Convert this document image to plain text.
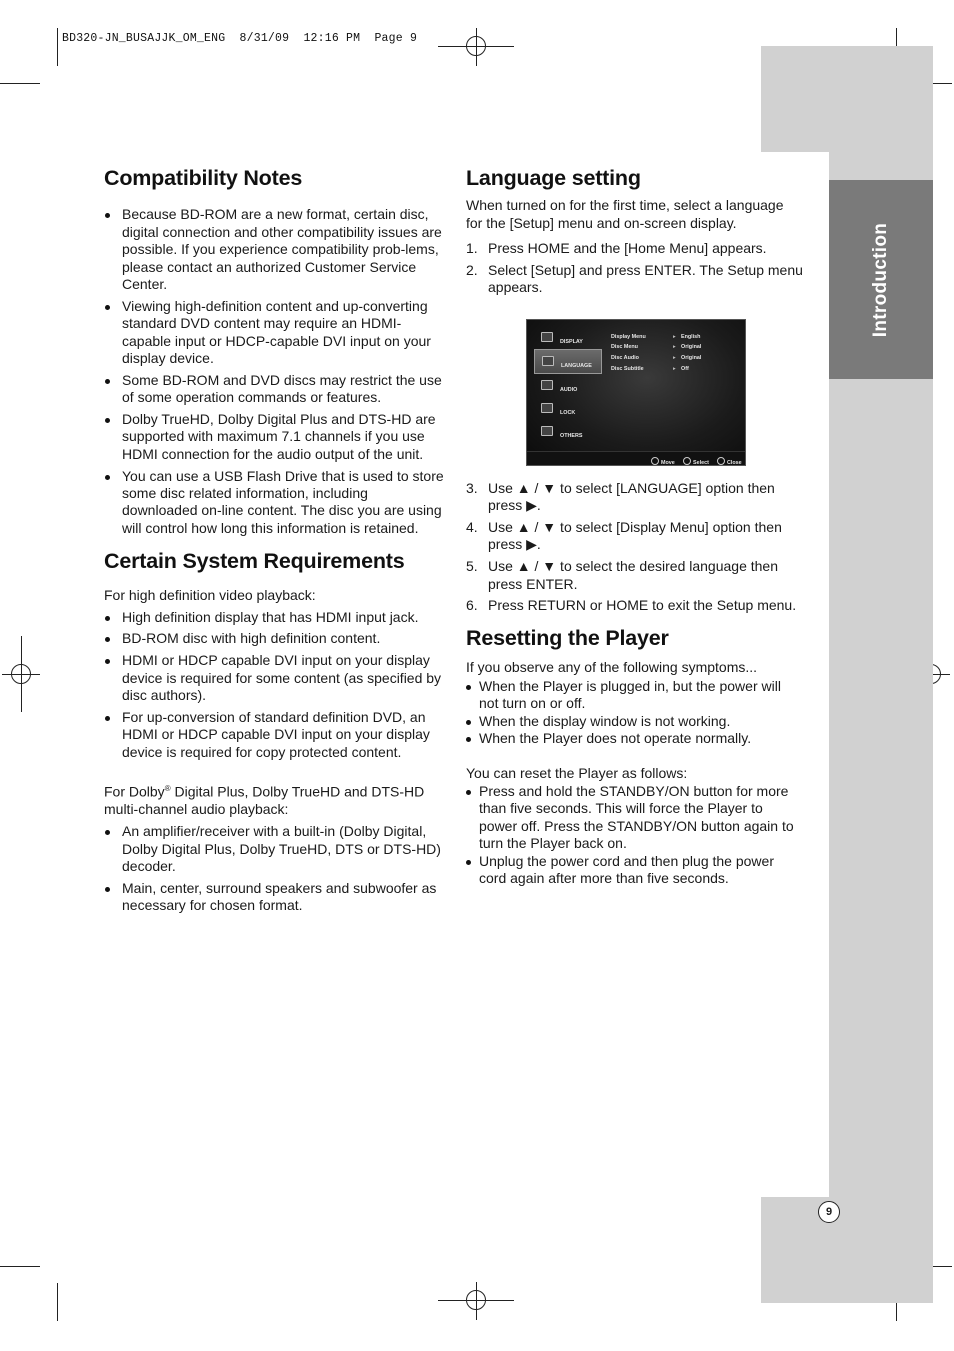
BD320-JN_BUSAJJK_OM_ENG  8/31/09  12:16 PM  Page 9
Introduction
9
Compatibility Notes
Because BD-ROM are a new format, certain disc, digital connection and other compatibility issues are possible. If you experience compatibility prob-lems, please contact an authorized Customer Service Center.
Viewing high-definition content and up-converting standard DVD content may require an HDMI-capable input or HDCP-capable DVI input on your display device.
Some BD-ROM and DVD discs may restrict the use of some operation commands or features.
Dolby TrueHD, Dolby Digital Plus and DTS-HD are supported with maximum 7.1 channels if you use HDMI connection for the audio output of the unit.
You can use a USB Flash Drive that is used to store some disc related information, including downloaded on-line content. The disc you are using will control how long this information is retained.
Certain System Requirements

For high definition video playback:

High definition display that has HDMI input jack.
BD-ROM disc with high definition content.
HDMI or HDCP capable DVI input on your display device is required for some content (as specified by disc authors).
For up-conversion of standard definition DVD, an HDMI or HDCP capable DVI input on your display device is required for copy protected content.

For Dolby® Digital Plus, Dolby TrueHD and DTS-HD multi-channel audio playback:

An amplifier/receiver with a built-in (Dolby Digital, Dolby Digital Plus, Dolby TrueHD, DTS or DTS-HD) decoder.
Main, center, surround speakers and subwoofer as necessary for chosen format.
Language setting

When turned on for the first time, select a language for the [Setup] menu and on-screen display.

1. Press HOME and the [Home Menu] appears.
2. Select [Setup] and press ENTER. The Setup menu appears.
DISPLAY
LANGUAGE
AUDIO
LOCK
OTHERS
Display Menu	▸ English
Disc Menu	▸ Original
Disc Audio	▸ Original
Disc Subtitle	▸ Off
Move	Select	Close
3. Use ▲ / ▼ to select [LANGUAGE] option then press ▶.
4. Use ▲ / ▼ to select [Display Menu] option then press ▶.
5. Use ▲ / ▼ to select the desired language then press ENTER.
6. Press RETURN or HOME to exit the Setup menu.
Resetting the Player

If you observe any of the following symptoms...

When the Player is plugged in, but the power will not turn on or off.
When the display window is not working.
When the Player does not operate normally.

You can reset the Player as follows:

Press and hold the STANDBY/ON button for more than five seconds. This will force the Player to power off. Press the STANDBY/ON button again to turn the Player back on.
Unplug the power cord and then plug the power cord again after more than five seconds.
